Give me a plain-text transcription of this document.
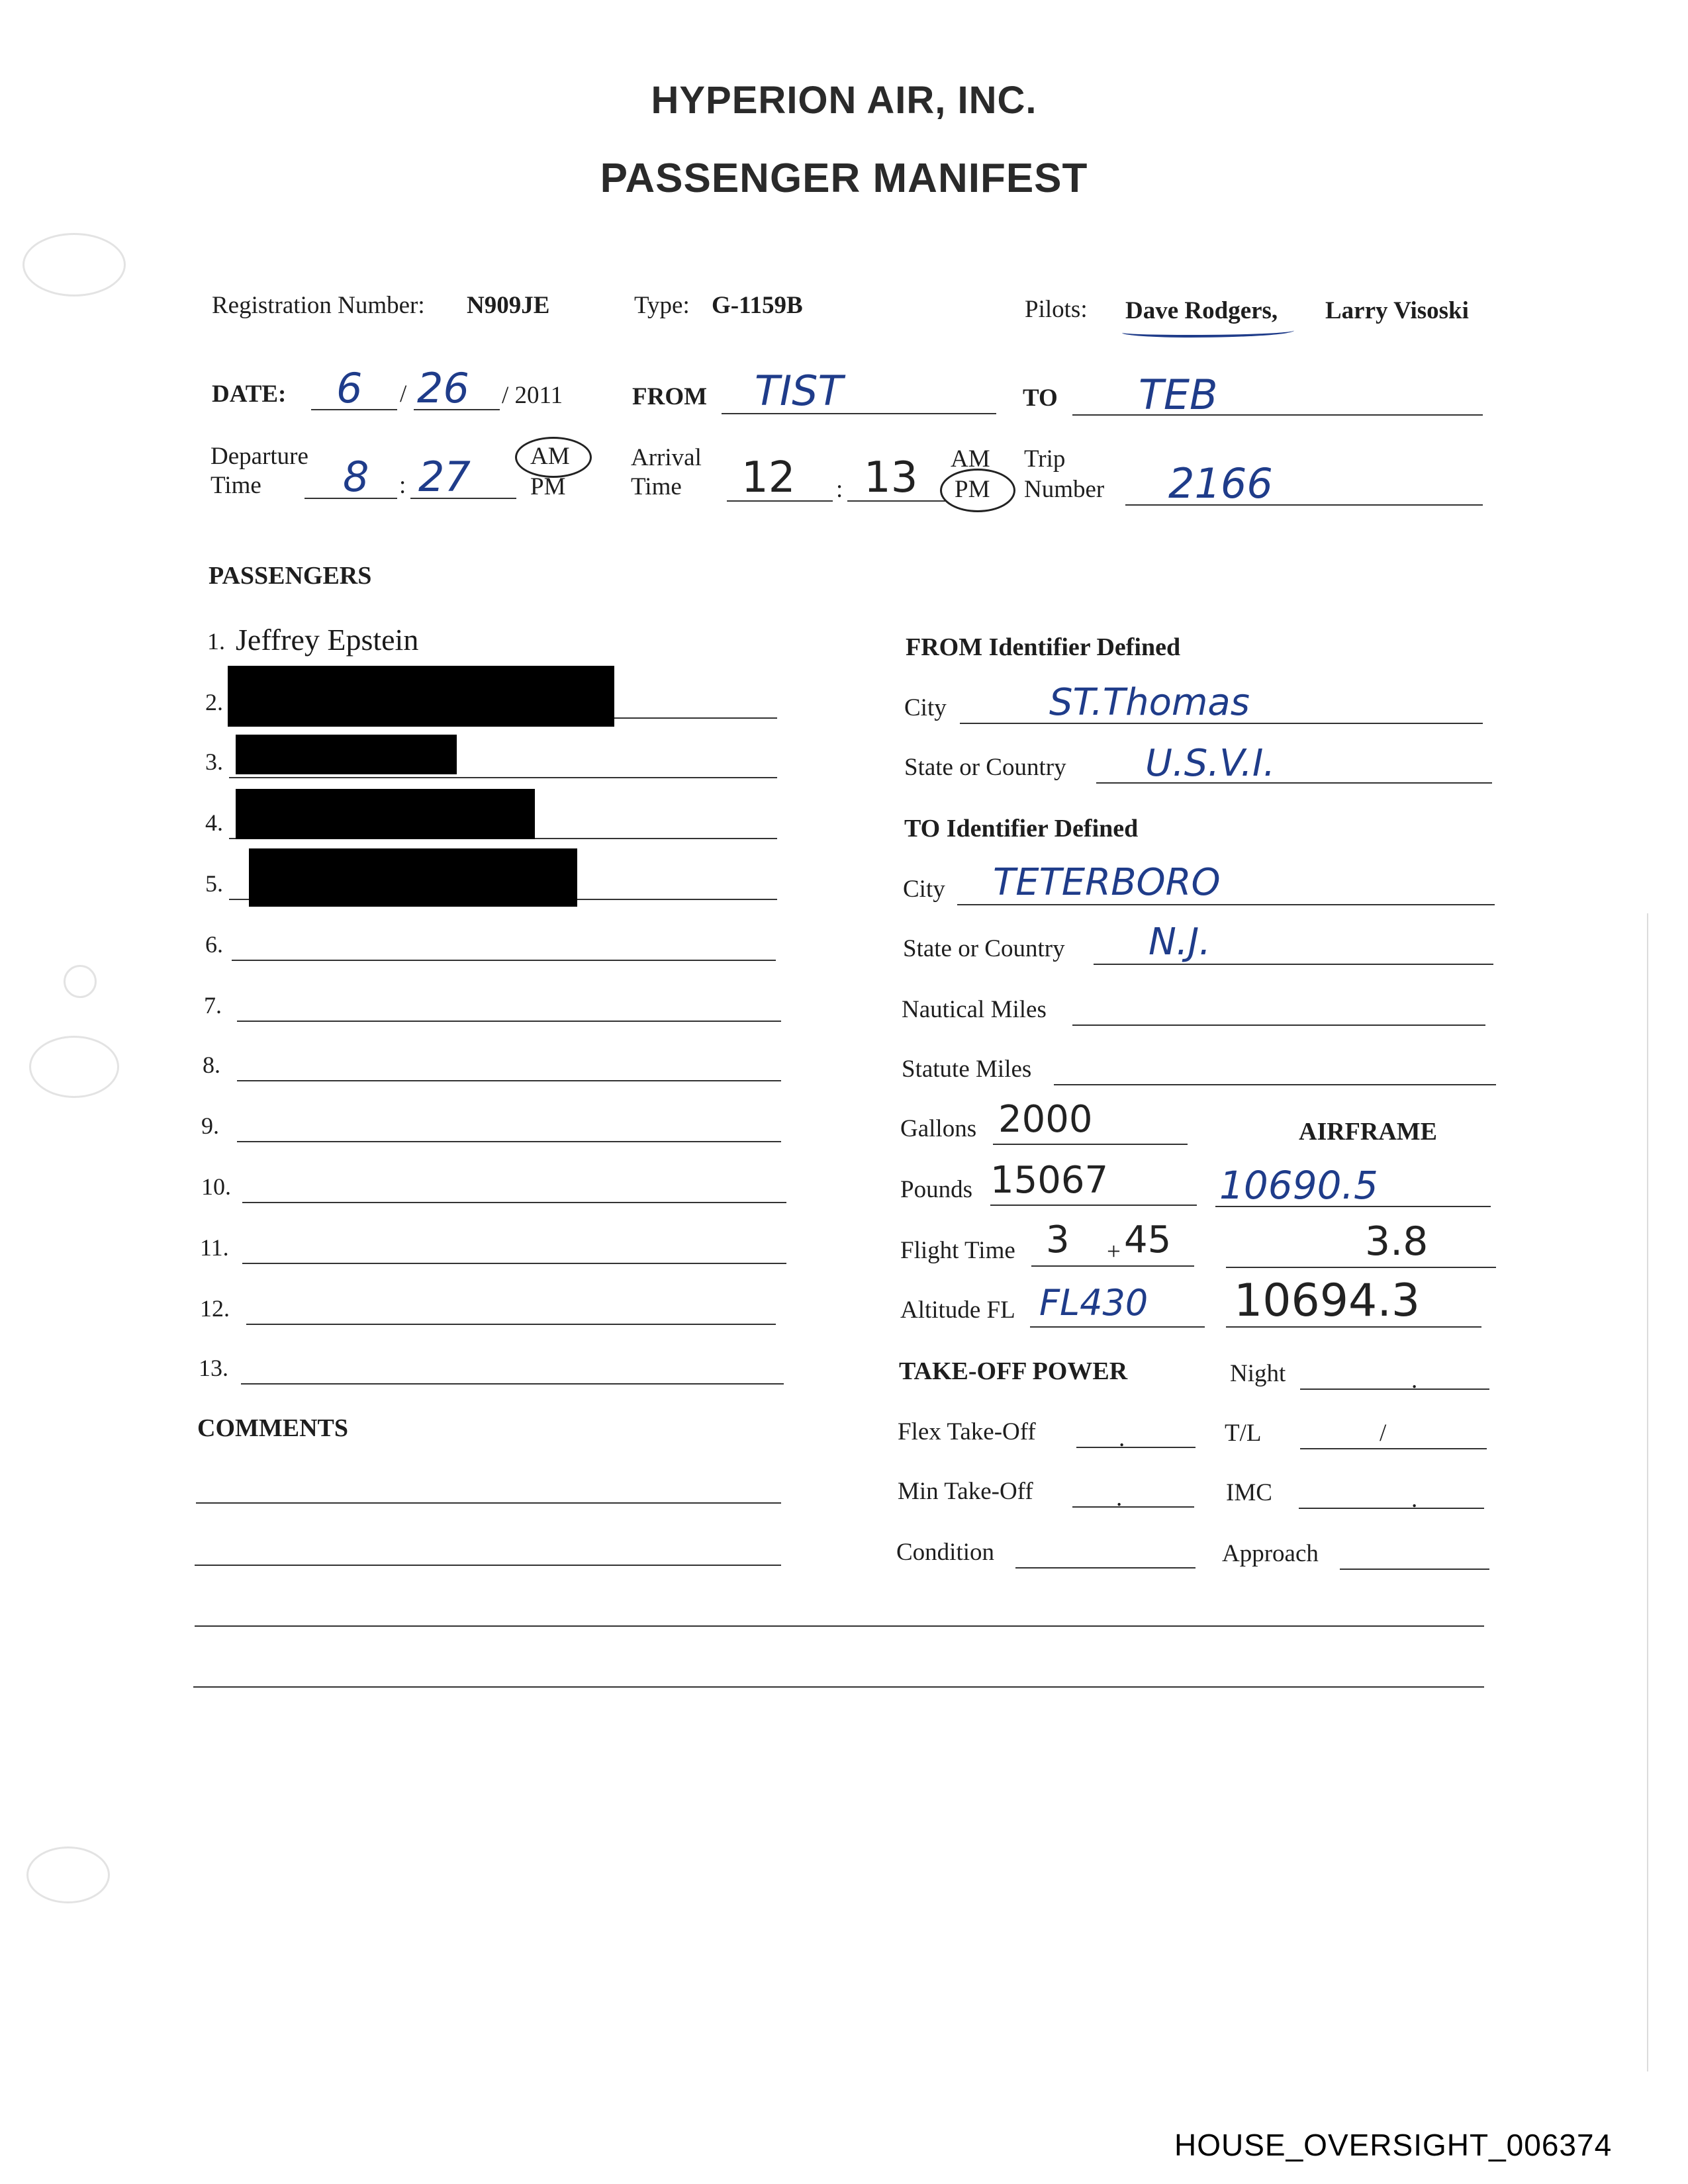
HYPERION AIR, INC.
PASSENGER MANIFEST
Registration Number: N909JE	Type: G-1159B	Pilots: Dave Rodgers, Larry Visoski
DATE: 6 / 26 / 2011	FROM TIST	TO TEB
Departure
Time 8 : 27 AM
PM
Arrival
Time 12 : 13 AM
PM
Trip
Number 2166
PASSENGERS
1. Jeffrey Epstein
2.
3.
4.
5.
6.
7.
8.
9.
10.
11.
12.
13.
COMMENTS
FROM Identifier Defined
City	ST.Thomas
State or Country U.S.V.I.
TO Identifier Defined
City TETERBORO
State or Country N.J.
Nautical Miles
Statute Miles
Gallons 2000	AIRFRAME
Pounds 15067	10690.5
Flight Time 3 + 45	3.8
Altitude FL FL430 10694.3
TAKE-OFF POWER	Night	.
Flex Take-Off	.	T/L	/
Min Take-Off	.	IMC	.
Condition	Approach
HOUSE_OVERSIGHT_006374
